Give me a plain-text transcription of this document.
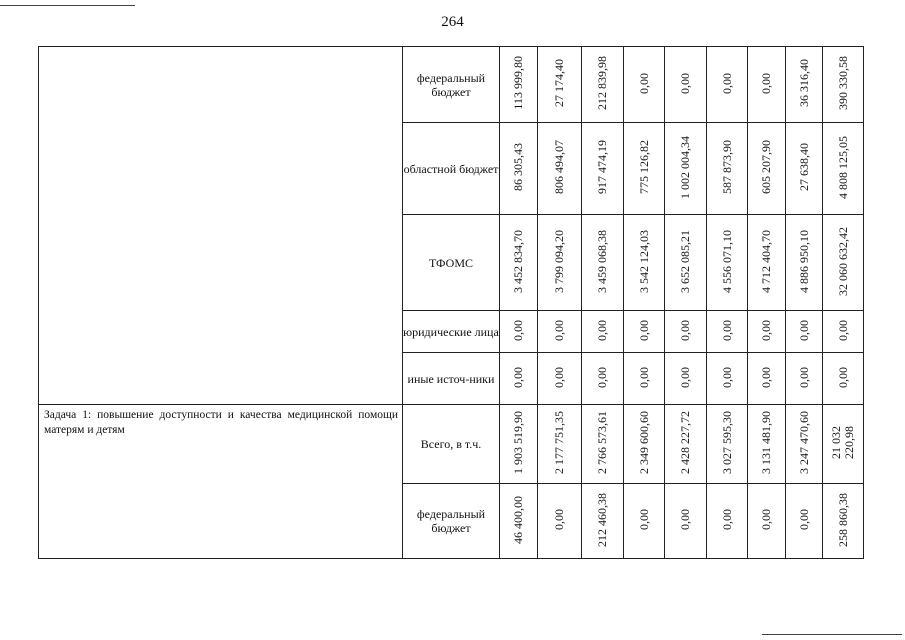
264
	федеральный бюджет	113 999,80	27 174,40	212 839,98	0,00	0,00	0,00	0,00	36 316,40	390 330,58
	областной бюджет	86 305,43	806 494,07	917 474,19	775 126,82	1 002 004,34	587 873,90	605 207,90	27 638,40	4 808 125,05
	ТФОМС	3 452 834,70	3 799 094,20	3 459 068,38	3 542 124,03	3 652 085,21	4 556 071,10	4 712 404,70	4 886 950,10	32 060 632,42
	юридические лица	0,00	0,00	0,00	0,00	0,00	0,00	0,00	0,00	0,00
	иные источ-ники	0,00	0,00	0,00	0,00	0,00	0,00	0,00	0,00	0,00
Задача 1: повышение доступности и качества медицинской помощи матерям и детям	Всего, в т.ч.	1 903 519,90	2 177 751,35	2 766 573,61	2 349 600,60	2 428 227,72	3 027 595,30	3 131 481,90	3 247 470,60	21 032 220,98
	федеральный бюджет	46 400,00	0,00	212 460,38	0,00	0,00	0,00	0,00	0,00	258 860,38
